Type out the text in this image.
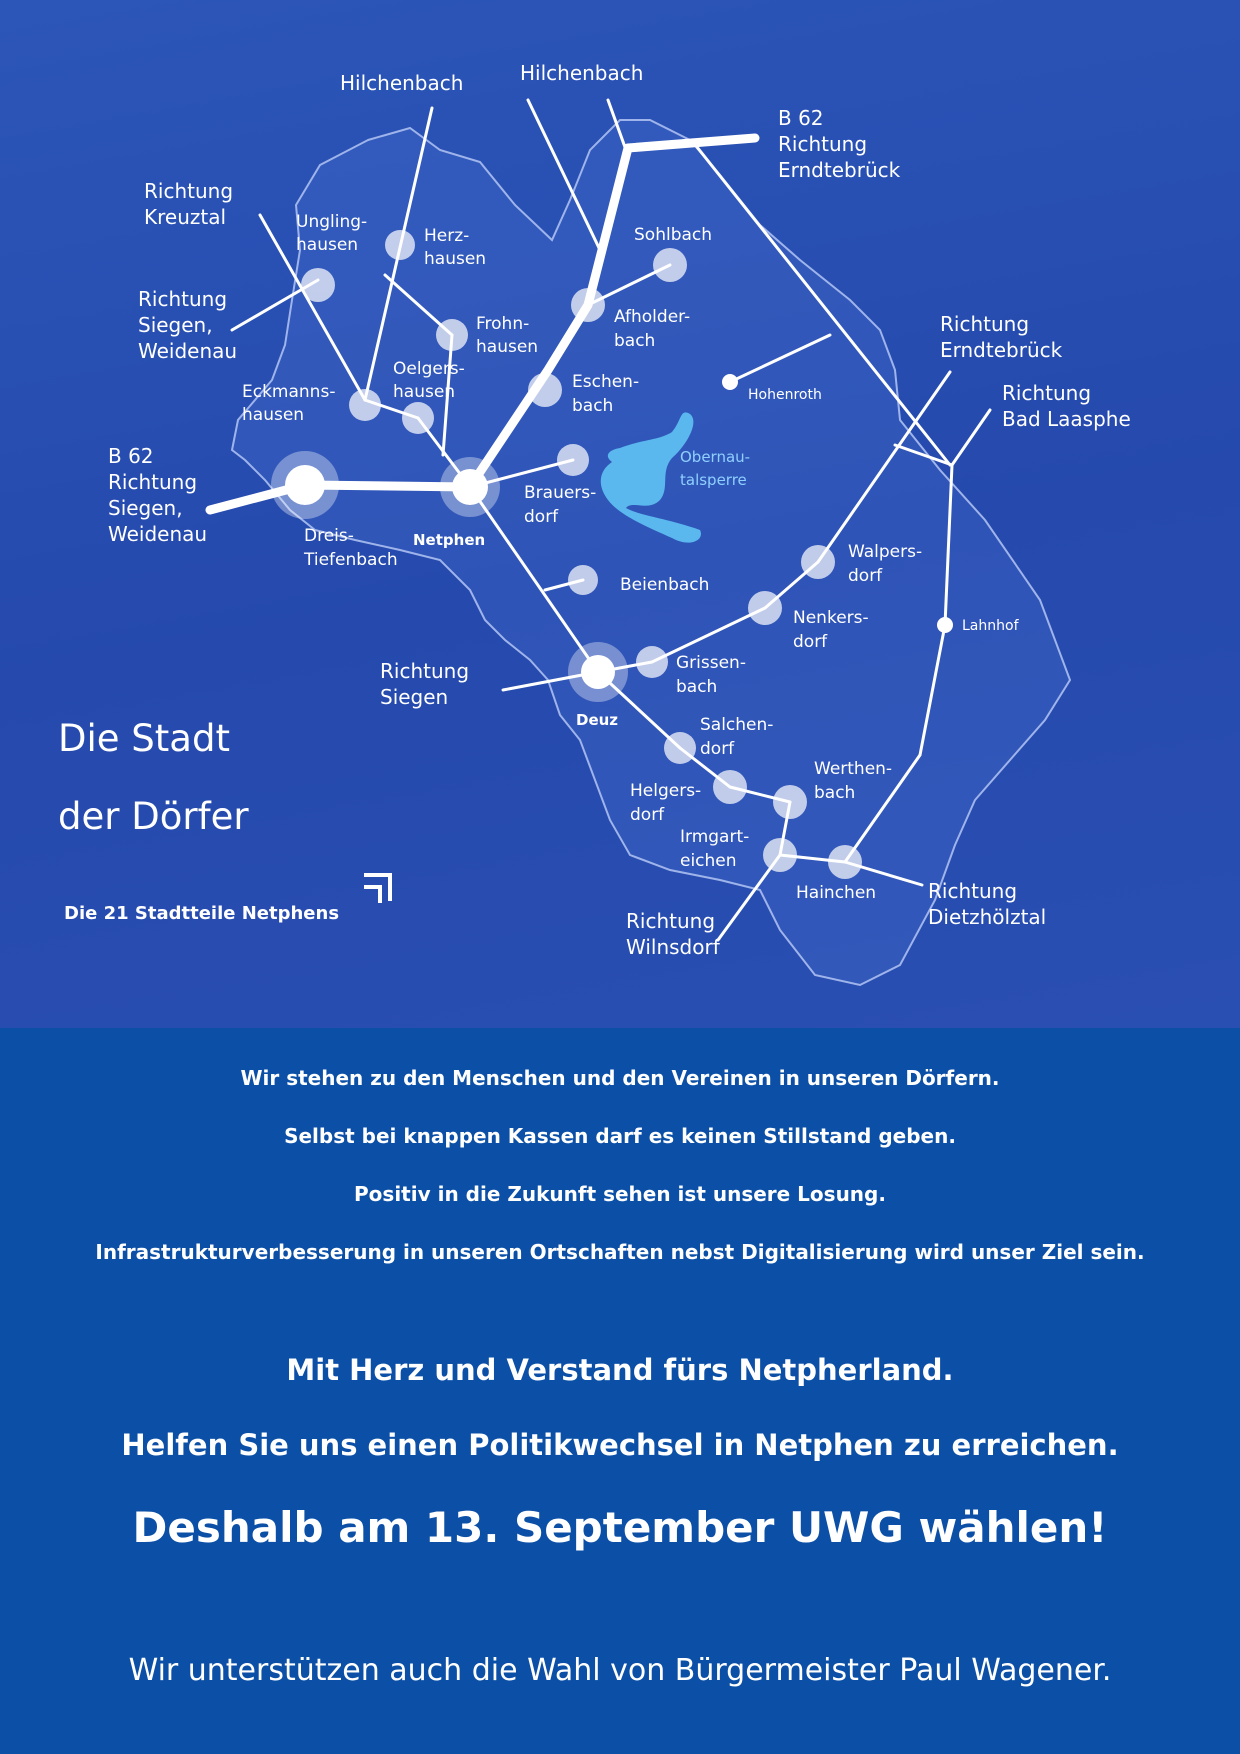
Hilchenbach	Hilchenbach
B 62 Richtung Erndtebrück
Richtung Kreuztal
Richtung Siegen, Weidenau
B 62 Richtung Siegen, Weidenau
Richtung Erndtebrück
Richtung Bad Laasphe
Richtung Siegen
Richtung Dietzhölztal
Richtung Wilnsdorf
Ungling- hausen	Herz- hausen
Frohn- hausen
Oelgers- hausen
Eckmanns- hausen
Dreis- Tiefenbach
Netphen
Sohlbach
Afholder- bach
Eschen- bach
Hohenroth
Brauers- dorf
Obernau- talsperre
Beienbach
Walpers- dorf
Nenkers- dorf
Lahnhof
Deuz
Grissen- bach
Salchen- dorf
Helgers- dorf
Werthen- bach
Irmgart- eichen
Hainchen
Die Stadt
der Dörfer
Die 21 Stadtteile Netphens
Wir stehen zu den Menschen und den Vereinen in unseren Dörfern.
Selbst bei knappen Kassen darf es keinen Stillstand geben.
Positiv in die Zukunft sehen ist unsere Losung.
Infrastrukturverbesserung in unseren Ortschaften nebst Digitalisierung wird unser Ziel sein.
Mit Herz und Verstand fürs Netpherland.
Helfen Sie uns einen Politikwechsel in Netphen zu erreichen.
Deshalb am 13. September UWG wählen!
Wir unterstützen auch die Wahl von Bürgermeister Paul Wagener.
